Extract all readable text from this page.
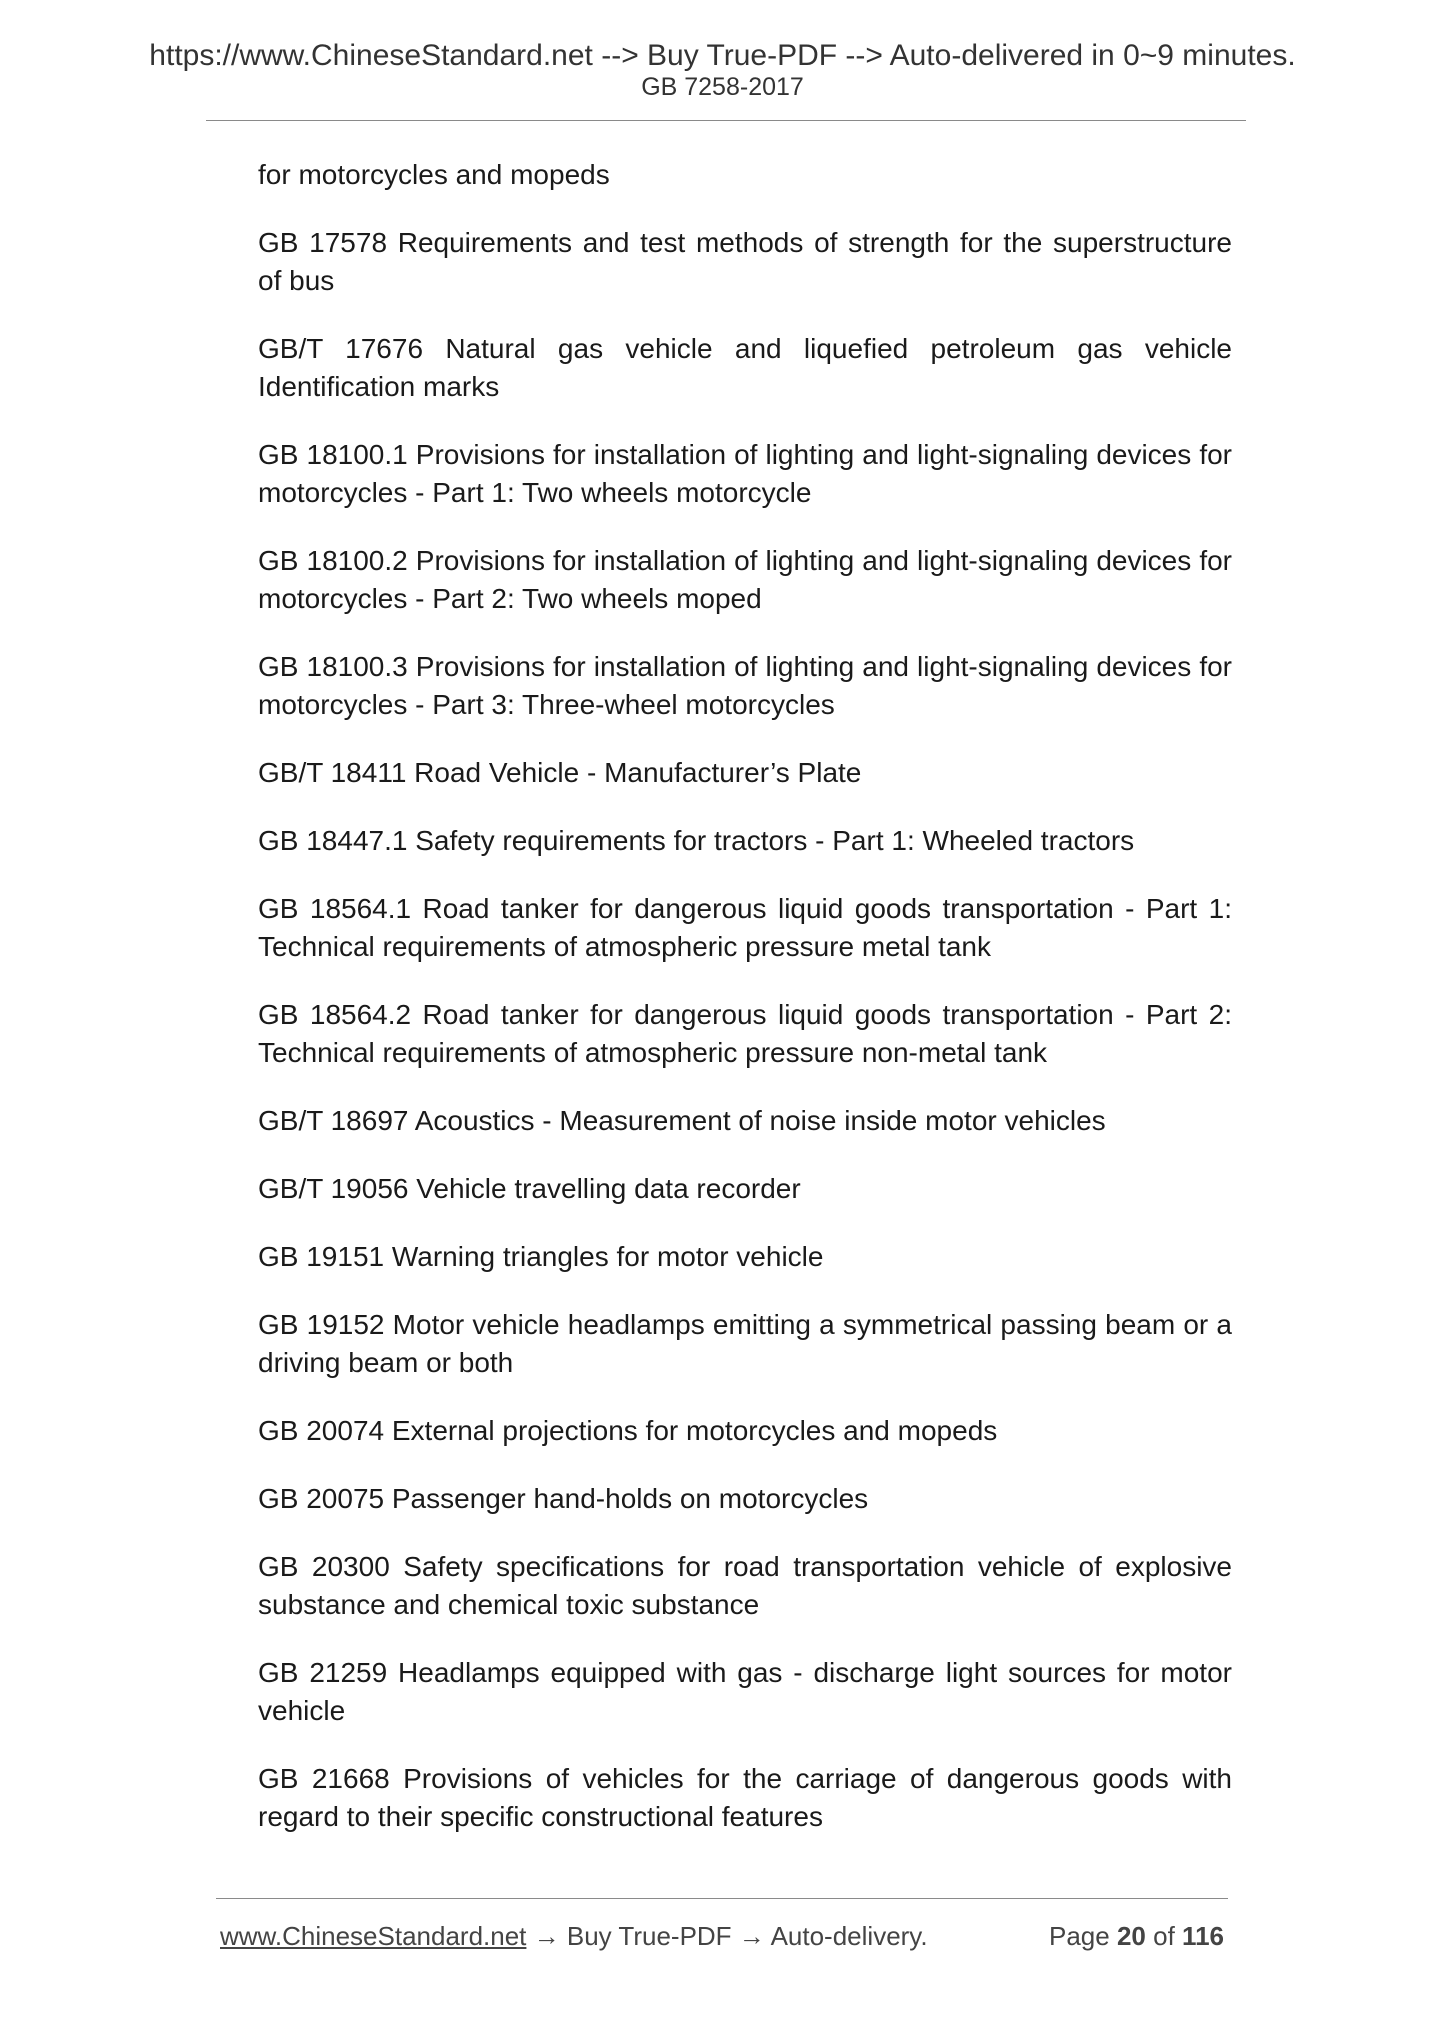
https://www.ChineseStandard.net --> Buy True-PDF --> Auto-delivered in 0~9 minutes.
GB 7258-2017

for motorcycles and mopeds

GB 17578 Requirements and test methods of strength for the superstructure of bus

GB/T 17676 Natural gas vehicle and liquefied petroleum gas vehicle Identification marks

GB 18100.1 Provisions for installation of lighting and light-signaling devices for motorcycles - Part 1: Two wheels motorcycle

GB 18100.2 Provisions for installation of lighting and light-signaling devices for motorcycles - Part 2: Two wheels moped

GB 18100.3 Provisions for installation of lighting and light-signaling devices for motorcycles - Part 3: Three-wheel motorcycles

GB/T 18411 Road Vehicle - Manufacturer’s Plate

GB 18447.1 Safety requirements for tractors - Part 1: Wheeled tractors

GB 18564.1 Road tanker for dangerous liquid goods transportation - Part 1: Technical requirements of atmospheric pressure metal tank

GB 18564.2 Road tanker for dangerous liquid goods transportation - Part 2: Technical requirements of atmospheric pressure non-metal tank

GB/T 18697 Acoustics - Measurement of noise inside motor vehicles

GB/T 19056 Vehicle travelling data recorder

GB 19151 Warning triangles for motor vehicle

GB 19152 Motor vehicle headlamps emitting a symmetrical passing beam or a driving beam or both

GB 20074 External projections for motorcycles and mopeds

GB 20075 Passenger hand-holds on motorcycles

GB 20300 Safety specifications for road transportation vehicle of explosive substance and chemical toxic substance

GB 21259 Headlamps equipped with gas - discharge light sources for motor vehicle

GB 21668 Provisions of vehicles for the carriage of dangerous goods with regard to their specific constructional features

www.ChineseStandard.net → Buy True-PDF → Auto-delivery.	Page 20 of 116
